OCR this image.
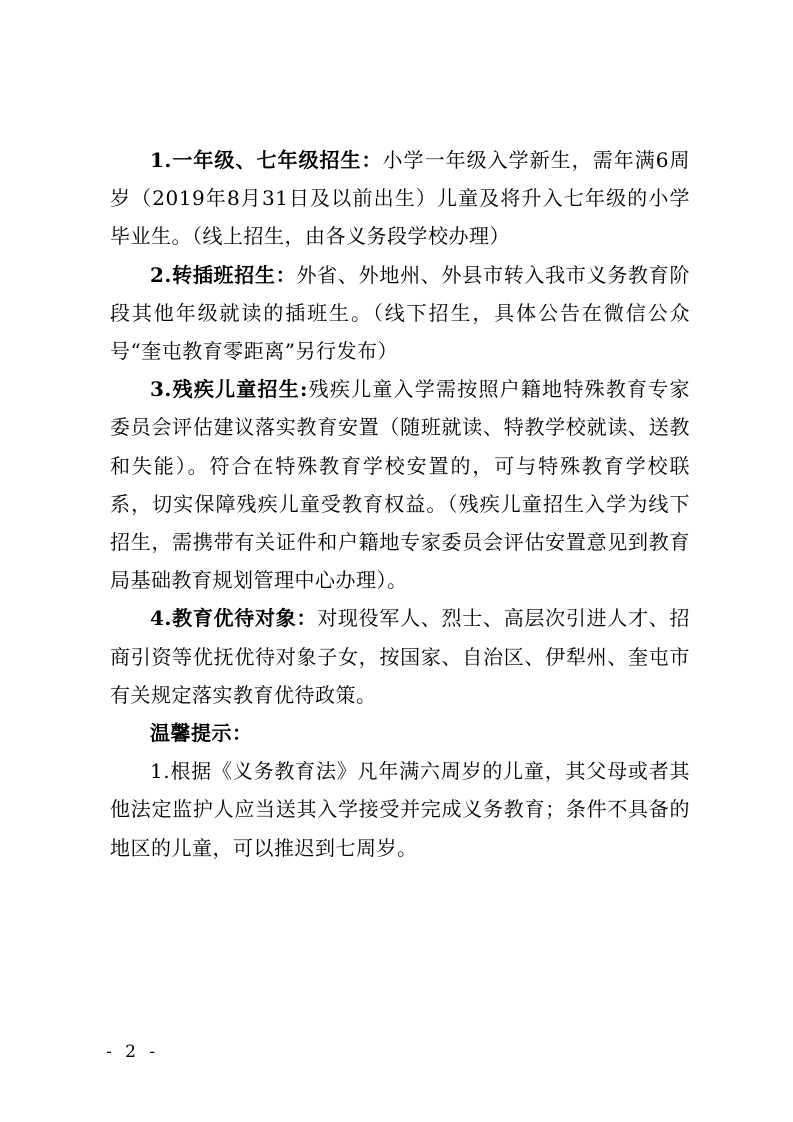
1.一年级、七年级招生：小学一年级入学新生，需年满6周岁（2019年8月31日及以前出生）儿童及将升入七年级的小学毕业生。（线上招生，由各义务段学校办理）

2.转插班招生：外省、外地州、外县市转入我市义务教育阶段其他年级就读的插班生。（线下招生，具体公告在微信公众号“奎屯教育零距离”另行发布）

3.残疾儿童招生:残疾儿童入学需按照户籍地特殊教育专家委员会评估建议落实教育安置（随班就读、特教学校就读、送教和失能）。符合在特殊教育学校安置的，可与特殊教育学校联系，切实保障残疾儿童受教育权益。（残疾儿童招生入学为线下招生，需携带有关证件和户籍地专家委员会评估安置意见到教育局基础教育规划管理中心办理）。

4.教育优待对象：对现役军人、烈士、高层次引进人才、招商引资等优抚优待对象子女，按国家、自治区、伊犁州、奎屯市有关规定落实教育优待政策。

温馨提示：

1.根据《义务教育法》凡年满六周岁的儿童，其父母或者其他法定监护人应当送其入学接受并完成义务教育；条件不具备的地区的儿童，可以推迟到七周岁。

- 2 -
